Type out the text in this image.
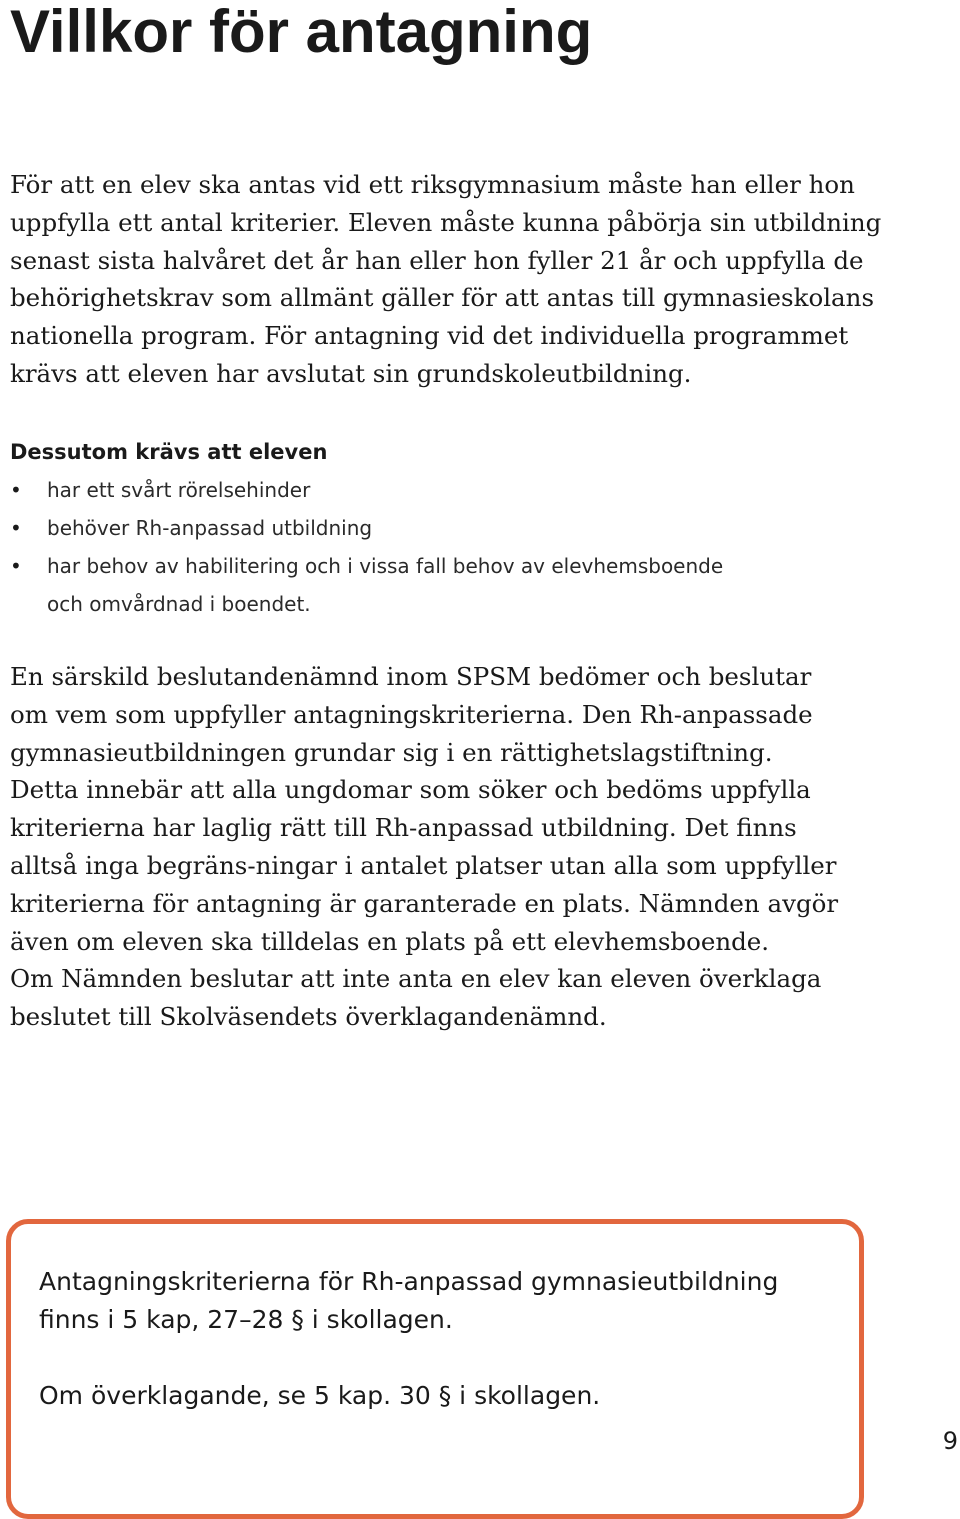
Villkor för antagning
För att en elev ska antas vid ett riksgymnasium måste han eller hon
uppfylla ett antal kriterier. Eleven måste kunna påbörja sin utbildning
senast sista halvåret det år han eller hon fyller 21 år och uppfylla de
behörighetskrav som allmänt gäller för att antas till gymnasieskolans
nationella program. För antagning vid det individuella programmet
krävs att eleven har avslutat sin grundskoleutbildning.
Dessutom krävs att eleven
• har ett svårt rörelsehinder
• behöver Rh-anpassad utbildning
• har behov av habilitering och i vissa fall behov av elevhemsboende
och omvårdnad i boendet.
En särskild beslutandenämnd inom SPSM bedömer och beslutar
om vem som uppfyller antagningskriterierna. Den Rh-anpassade
gymnasieutbildningen grundar sig i en rättighetslagstiftning.
Detta innebär att alla ungdomar som söker och bedöms uppfylla
kriterierna har laglig rätt till Rh-anpassad utbildning. Det finns
alltså inga begräns-ningar i antalet platser utan alla som uppfyller
kriterierna för antagning är garanterade en plats. Nämnden avgör
även om eleven ska tilldelas en plats på ett elevhemsboende.
Om Nämnden beslutar att inte anta en elev kan eleven överklaga
beslutet till Skolväsendets överklagandenämnd.
Antagningskriterierna för Rh-anpassad gymnasieutbildning
finns i 5 kap, 27–28 § i skollagen.
Om överklagande, se 5 kap. 30 § i skollagen.
9
